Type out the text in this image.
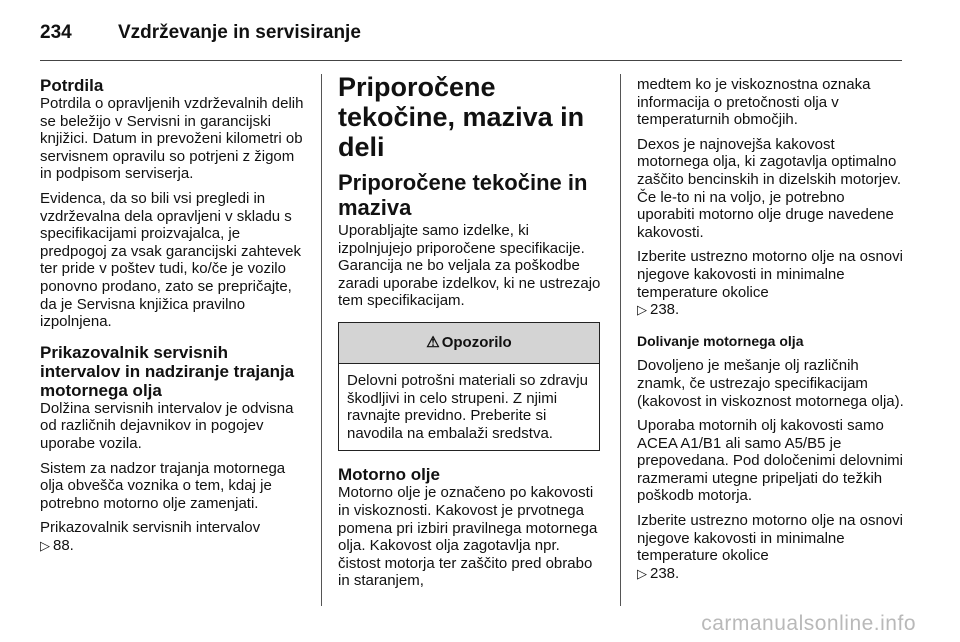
234	Vzdrževanje in servisiranje
Potrdila

Potrdila o opravljenih vzdrževalnih delih se beležijo v Servisni in garancijski knjižici. Datum in prevoženi kilometri ob servisnem opravilu so potrjeni z žigom in podpisom serviserja.

Evidenca, da so bili vsi pregledi in vzdrževalna dela opravljeni v skladu s specifikacijami proizvajalca, je predpogoj za vsak garancijski zahtevek ter pride v poštev tudi, ko/če je vozilo ponovno prodano, zato se prepričajte, da je Servisna knjižica pravilno izpolnjena.

Prikazovalnik servisnih intervalov in nadziranje trajanja motornega olja

Dolžina servisnih intervalov je odvisna od različnih dejavnikov in pogojev uporabe vozila.

Sistem za nadzor trajanja motornega olja obvešča voznika o tem, kdaj je potrebno motorno olje zamenjati.

Prikazovalnik servisnih intervalov

▷ 88.

Priporočene tekočine, maziva in deli
Priporočene tekočine in maziva

Uporabljajte samo izdelke, ki izpolnjujejo priporočene specifikacije. Garancija ne bo veljala za poškodbe zaradi uporabe izdelkov, ki ne ustrezajo tem specifikacijam.

⚠ Opozorilo
Delovni potrošni materiali so zdravju škodljivi in celo strupeni. Z njimi ravnajte previdno. Preberite si navodila na embalaži sredstva.
Motorno olje

Motorno olje je označeno po kakovosti in viskoznosti. Kakovost je prvotnega pomena pri izbiri pravilnega motornega olja. Kakovost olja zagotavlja npr. čistost motorja ter zaščito pred obrabo in staranjem,

medtem ko je viskoznostna oznaka informacija o pretočnosti olja v temperaturnih območjih.

Dexos je najnovejša kakovost motornega olja, ki zagotavlja optimalno zaščito bencinskih in dizelskih motorjev. Če le-to ni na voljo, je potrebno uporabiti motorno olje druge navedene kakovosti.

Izberite ustrezno motorno olje na osnovi njegove kakovosti in minimalne temperature okolice

▷ 238.

Dolivanje motornega olja

Dovoljeno je mešanje olj različnih znamk, če ustrezajo specifikacijam (kakovost in viskoznost motornega olja).

Uporaba motornih olj kakovosti samo ACEA A1/B1 ali samo A5/B5 je prepovedana. Pod določenimi delovnimi razmerami utegne pripeljati do težkih poškodb motorja.

Izberite ustrezno motorno olje na osnovi njegove kakovosti in minimalne temperature okolice

▷ 238.

carmanualsonline.info
